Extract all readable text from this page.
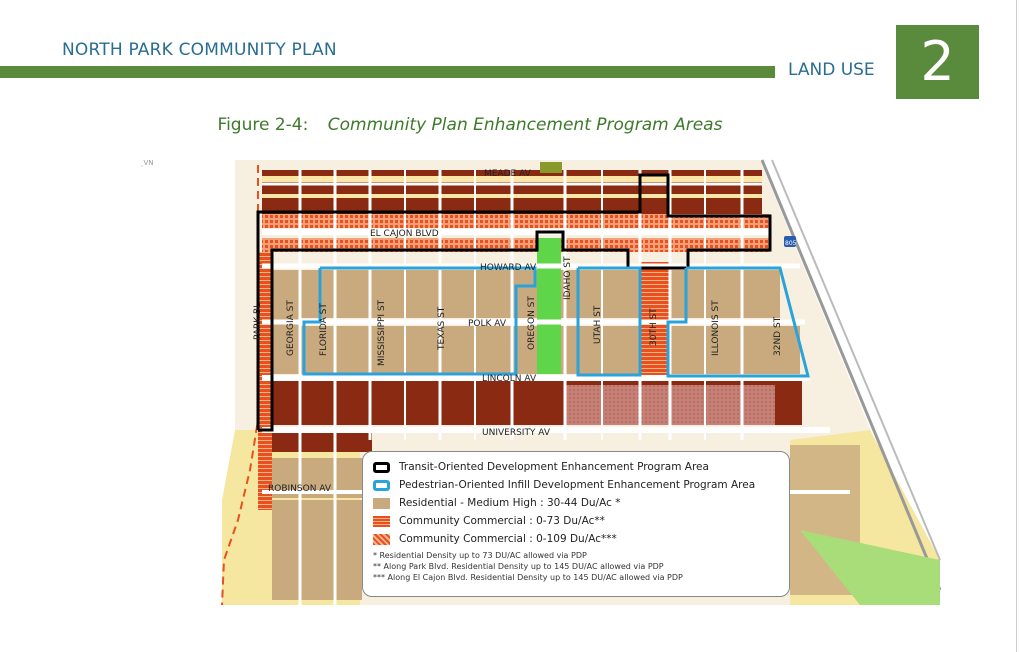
NORTH PARK COMMUNITY PLAN
LAND USE 2
Figure 2-4: Community Plan Enhancement Program Areas
805
MEADE AV
EL CAJON BLVD
HOWARD AV
POLK AV
LINCOLN AV
UNIVERSITY AV
ROBINSON AV
PARK BL	GEORGIA ST	FLORIDA ST	MISSISSIPPI ST	TEXAS ST	OREGON ST
IDAHO ST
UTAH ST	30TH ST	ILLONOIS ST	32ND ST
ˏVN
Transit-Oriented Development Enhancement Program Area
Pedestrian-Oriented Infill Development Enhancement Program Area
Residential - Medium High : 30-44 Du/Ac *
Community Commercial : 0-73 Du/Ac**
Community Commercial : 0-109 Du/Ac***
* Residential Density up to 73 DU/AC allowed via PDP
** Along Park Blvd. Residential Density up to 145 DU/AC allowed via PDP
*** Along El Cajon Blvd. Residential Density up to 145 DU/AC allowed via PDP
